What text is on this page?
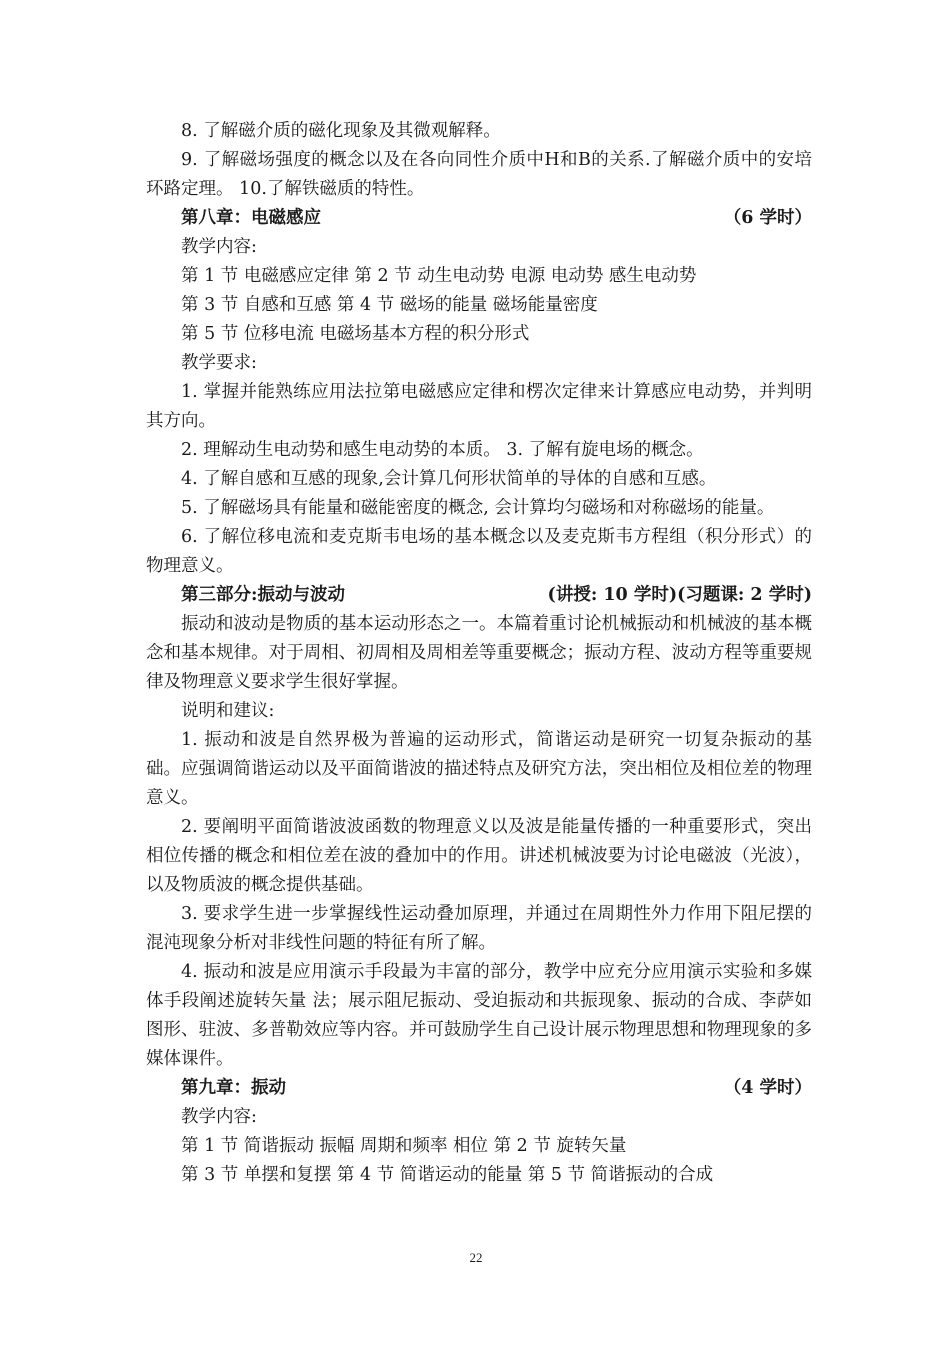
8. 了解磁介质的磁化现象及其微观解释。

9. 了解磁场强度的概念以及在各向同性介质中H和B的关系.了解磁介质中的安培环路定理。 10.了解铁磁质的特性。

第八章：电磁感应	（6 学时）

教学内容:

第 1 节 电磁感应定律 第 2 节 动生电动势 电源 电动势 感生电动势

第 3 节 自感和互感 第 4 节 磁场的能量 磁场能量密度

第 5 节 位移电流 电磁场基本方程的积分形式

教学要求:

1. 掌握并能熟练应用法拉第电磁感应定律和楞次定律来计算感应电动势，并判明其方向。

2. 理解动生电动势和感生电动势的本质。 3. 了解有旋电场的概念。

4. 了解自感和互感的现象,会计算几何形状简单的导体的自感和互感。

5. 了解磁场具有能量和磁能密度的概念, 会计算均匀磁场和对称磁场的能量。

6. 了解位移电流和麦克斯韦电场的基本概念以及麦克斯韦方程组（积分形式）的物理意义。

第三部分:振动与波动	(讲授: 10 学时)(习题课: 2 学时)

振动和波动是物质的基本运动形态之一。本篇着重讨论机械振动和机械波的基本概念和基本规律。对于周相、初周相及周相差等重要概念；振动方程、波动方程等重要规律及物理意义要求学生很好掌握。

说明和建议:

1. 振动和波是自然界极为普遍的运动形式，简谐运动是研究一切复杂振动的基础。应强调简谐运动以及平面简谐波的描述特点及研究方法，突出相位及相位差的物理意义。

2. 要阐明平面简谐波波函数的物理意义以及波是能量传播的一种重要形式，突出相位传播的概念和相位差在波的叠加中的作用。讲述机械波要为讨论电磁波（光波），以及物质波的概念提供基础。

3. 要求学生进一步掌握线性运动叠加原理，并通过在周期性外力作用下阻尼摆的混沌现象分析对非线性问题的特征有所了解。

4. 振动和波是应用演示手段最为丰富的部分，教学中应充分应用演示实验和多媒体手段阐述旋转矢量 法；展示阻尼振动、受迫振动和共振现象、振动的合成、李萨如图形、驻波、多普勒效应等内容。并可鼓励学生自己设计展示物理思想和物理现象的多媒体课件。

第九章：振动	（4 学时）

教学内容:

第 1 节 简谐振动 振幅 周期和频率 相位 第 2 节 旋转矢量

第 3 节 单摆和复摆 第 4 节 简谐运动的能量 第 5 节 简谐振动的合成

22
